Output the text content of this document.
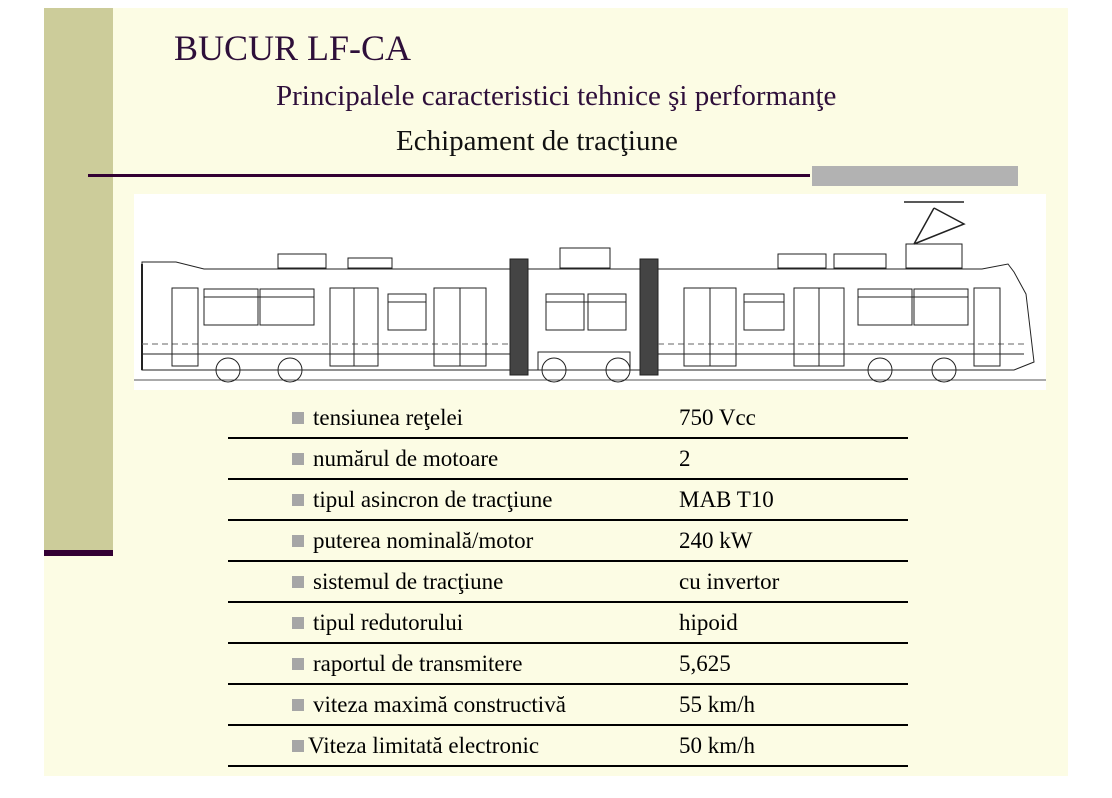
BUCUR LF-CA
Principalele caracteristici tehnice şi performanţe
Echipament de tracţiune
tensiunea reţelei	750 Vcc
numărul de motoare	2
tipul asincron de tracţiune	MAB T10
puterea nominală/motor	240 kW
sistemul de tracţiune	cu invertor
tipul redutorului	hipoid
raportul de transmitere	5,625
viteza maximă constructivă	55 km/h
Viteza limitată electronic	50 km/h
